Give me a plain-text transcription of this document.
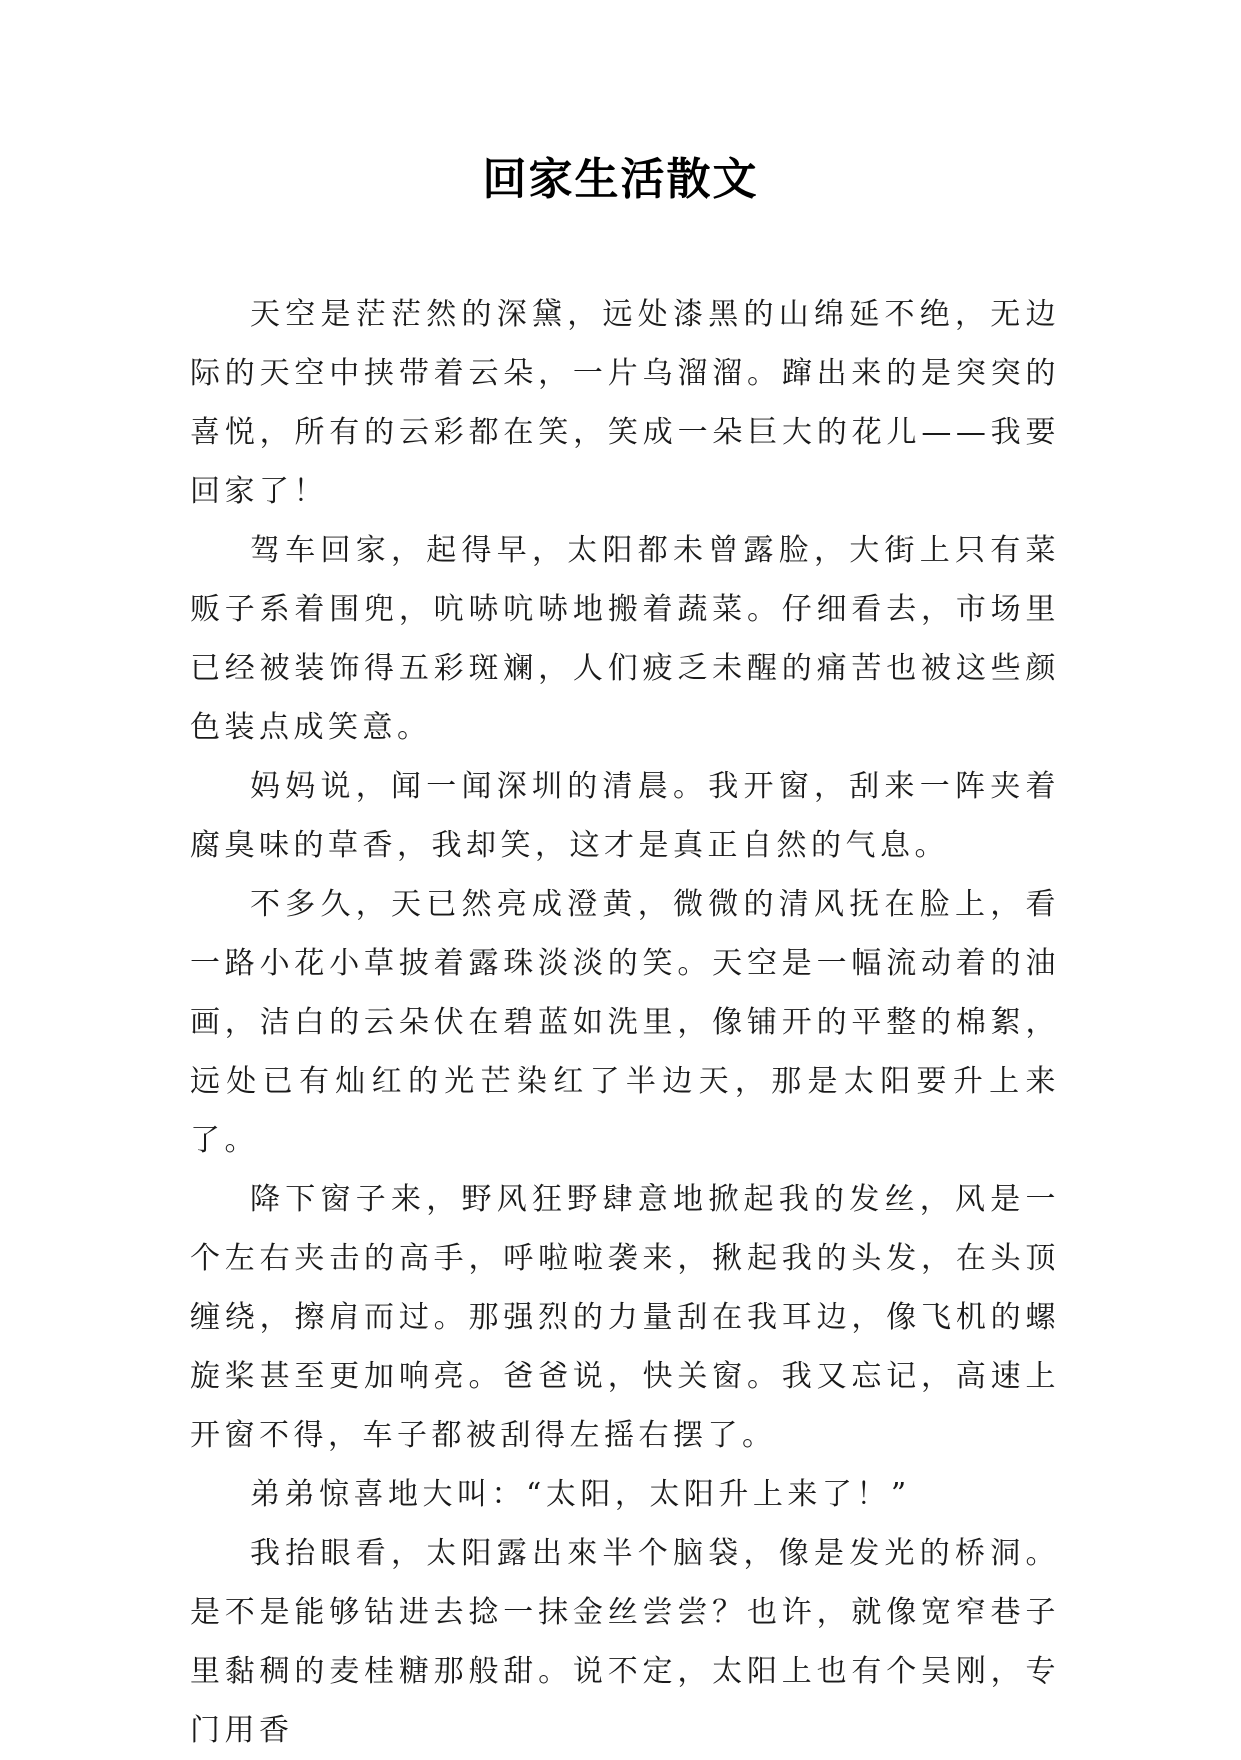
回家生活散文

天空是茫茫然的深黛，远处漆黑的山绵延不绝，无边际的天空中挟带着云朵，一片乌溜溜。蹿出来的是突突的喜悦，所有的云彩都在笑，笑成一朵巨大的花儿——我要回家了！

驾车回家，起得早，太阳都未曾露脸，大街上只有菜贩子系着围兜，吭哧吭哧地搬着蔬菜。仔细看去，市场里已经被装饰得五彩斑斓，人们疲乏未醒的痛苦也被这些颜色装点成笑意。

妈妈说，闻一闻深圳的清晨。我开窗，刮来一阵夹着腐臭味的草香，我却笑，这才是真正自然的气息。

不多久，天已然亮成澄黄，微微的清风抚在脸上，看一路小花小草披着露珠淡淡的笑。天空是一幅流动着的油画，洁白的云朵伏在碧蓝如洗里，像铺开的平整的棉絮，远处已有灿红的光芒染红了半边天，那是太阳要升上来了。

降下窗子来，野风狂野肆意地掀起我的发丝，风是一个左右夹击的高手，呼啦啦袭来，揪起我的头发，在头顶缠绕，擦肩而过。那强烈的力量刮在我耳边，像飞机的螺旋桨甚至更加响亮。爸爸说，快关窗。我又忘记，高速上开窗不得，车子都被刮得左摇右摆了。

弟弟惊喜地大叫：“太阳，太阳升上来了！”

我抬眼看，太阳露出來半个脑袋，像是发光的桥洞。是不是能够钻进去捻一抹金丝尝尝？也许，就像宽窄巷子里黏稠的麦桂糖那般甜。说不定，太阳上也有个吴刚，专门用香
